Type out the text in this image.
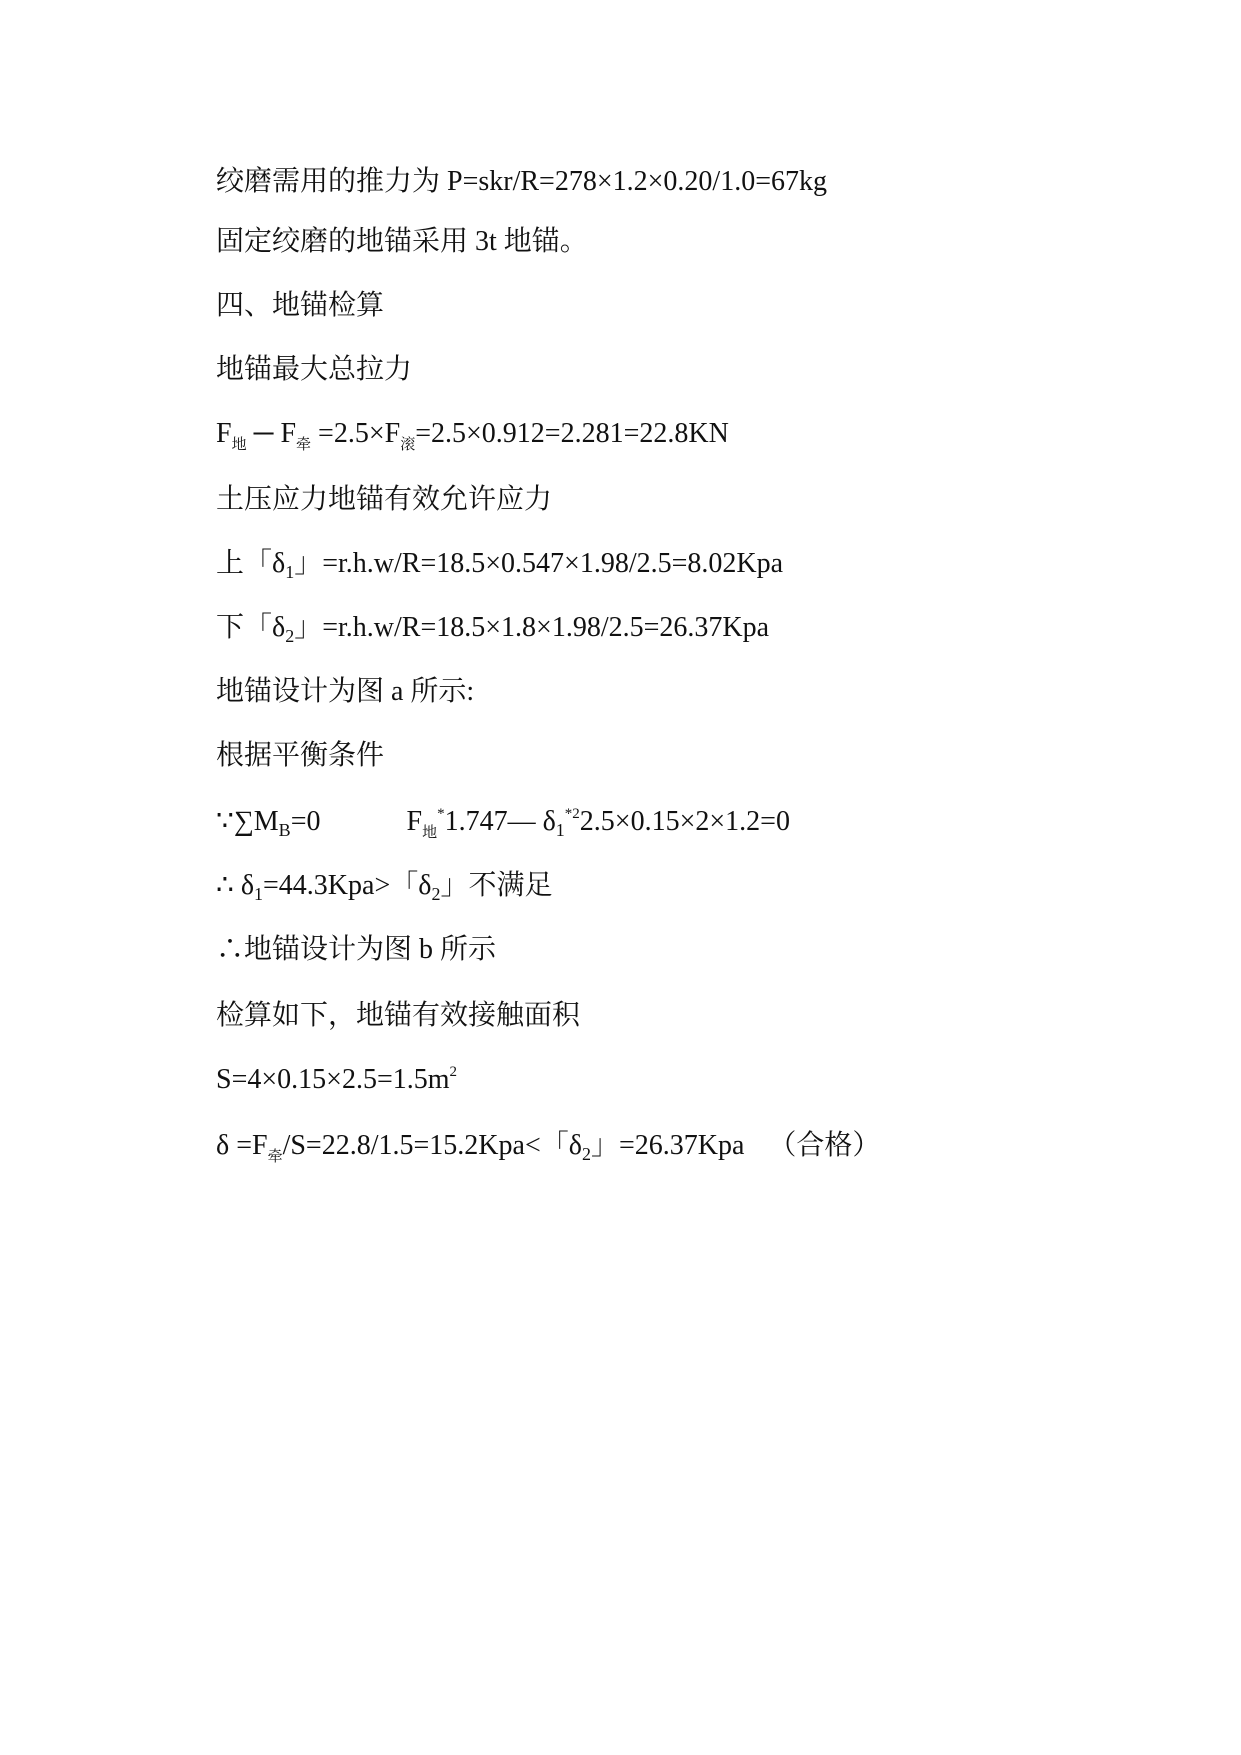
绞磨需用的推力为 P=skr/R=278×1.2×0.20/1.0=67kg
固定绞磨的地锚采用 3t 地锚。
四、地锚检算
地锚最大总拉力
$F_地$ ─ $F_牵 =2.5\times F_滚=2.5\times 0.912=2.281=22.8KN$
土压应力地锚有效允许应力
上「$\delta_1$」=r.h.w/R=18.5×0.547×1.98/2.5=8.02Kpa
下「$\delta_2$」=r.h.w/R=18.5×1.8×1.98/2.5=26.37Kpa
地锚设计为图 a 所示:
根据平衡条件
$\because\sum M_B=0$	$F_地^*1.747—$ $\delta_1^{*2}2.5\times 0.15\times 2\times 1.2=0$
∴ $\delta_1=44.3Kpa>$「$\delta_2$」不满足
∴地锚设计为图 b 所示
检算如下，地锚有效接触面积
$S=4\times 0.15\times 2.5=1.5m^2$
$\delta =F_牵/S=22.8/1.5=15.2Kpa<$「$\delta_2$」=26.37Kpa （合格）
